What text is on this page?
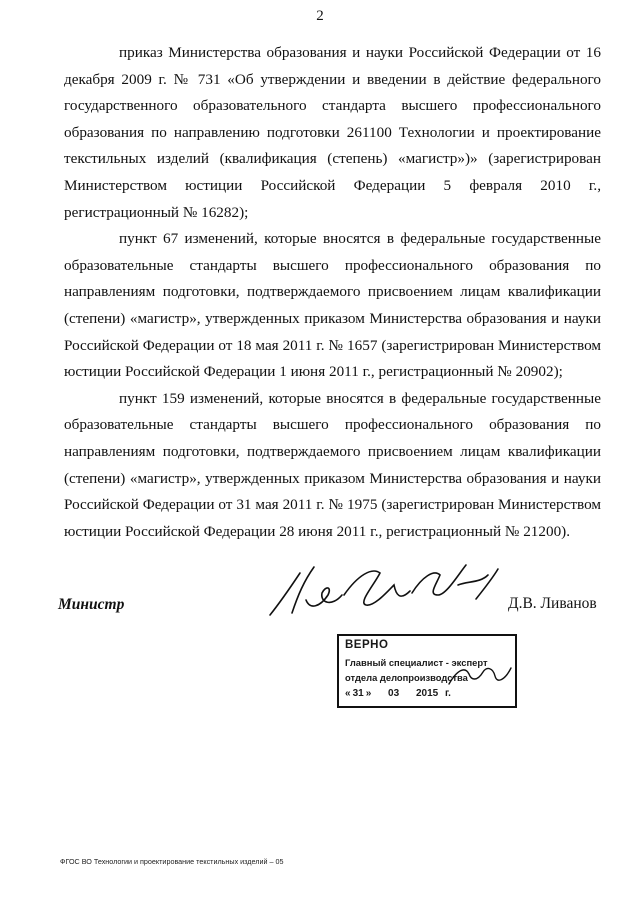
2

приказ Министерства образования и науки Российской Федерации от 16 декабря 2009 г. № 731 «Об утверждении и введении в действие федерального государственного образовательного стандарта высшего профессионального образования по направлению подготовки 261100 Технологии и проектирование текстильных изделий (квалификация (степень) «магистр»)» (зарегистрирован Министерством юстиции Российской Федерации 5 февраля 2010 г., регистрационный № 16282);

пункт 67 изменений, которые вносятся в федеральные государственные образовательные стандарты высшего профессионального образования по направлениям подготовки, подтверждаемого присвоением лицам квалификации (степени) «магистр», утвержденных приказом Министерства образования и науки Российской Федерации от 18 мая 2011 г. № 1657 (зарегистрирован Министерством юстиции Российской Федерации 1 июня 2011 г., регистрационный № 20902);

пункт 159 изменений, которые вносятся в федеральные государственные образовательные стандарты высшего профессионального образования по направлениям подготовки, подтверждаемого присвоением лицам квалификации (степени) «магистр», утвержденных приказом Министерства образования и науки Российской Федерации от 31 мая 2011 г. № 1975 (зарегистрирован Министерством юстиции Российской Федерации 28 июня 2011 г., регистрационный № 21200).

Министр	Д.В. Ливанов
ВЕРНО
Главный специалист - эксперт
отдела делопроизводства
« 31 » 03 2015 г.
ФГОС ВО Технологии и проектирование текстильных изделий – 05
